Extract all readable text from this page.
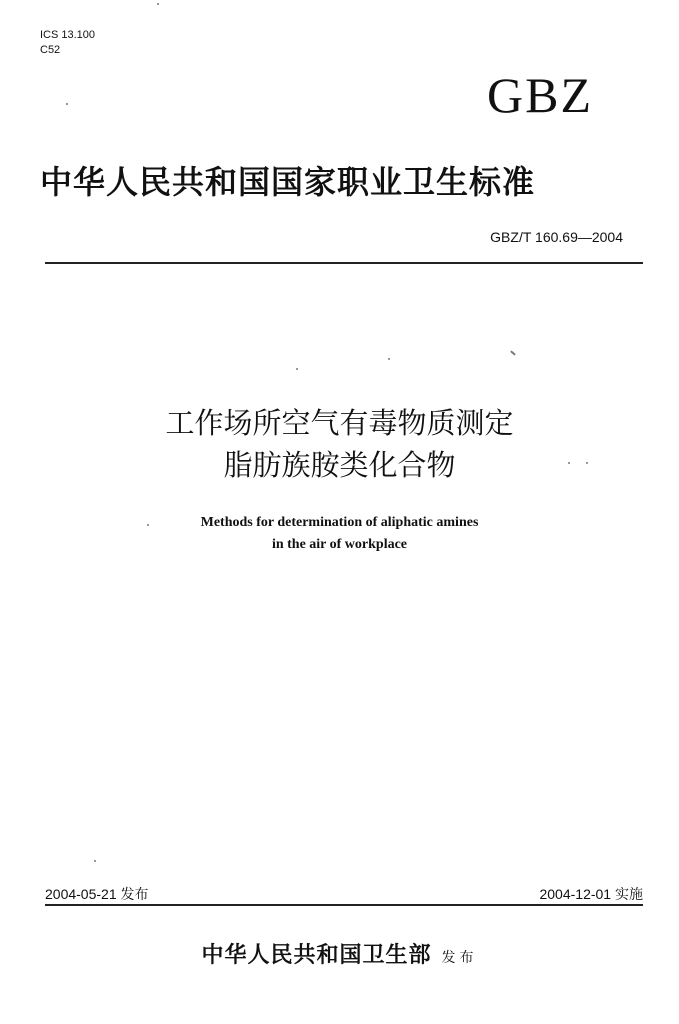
ICS 13.100
C52
GBZ
中华人民共和国国家职业卫生标准
GBZ/T 160.69—2004
工作场所空气有毒物质测定
脂肪族胺类化合物
Methods for determination of aliphatic amines
in the air of workplace
2004-05-21 发布	2004-12-01 实施
中华人民共和国卫生部 发布
